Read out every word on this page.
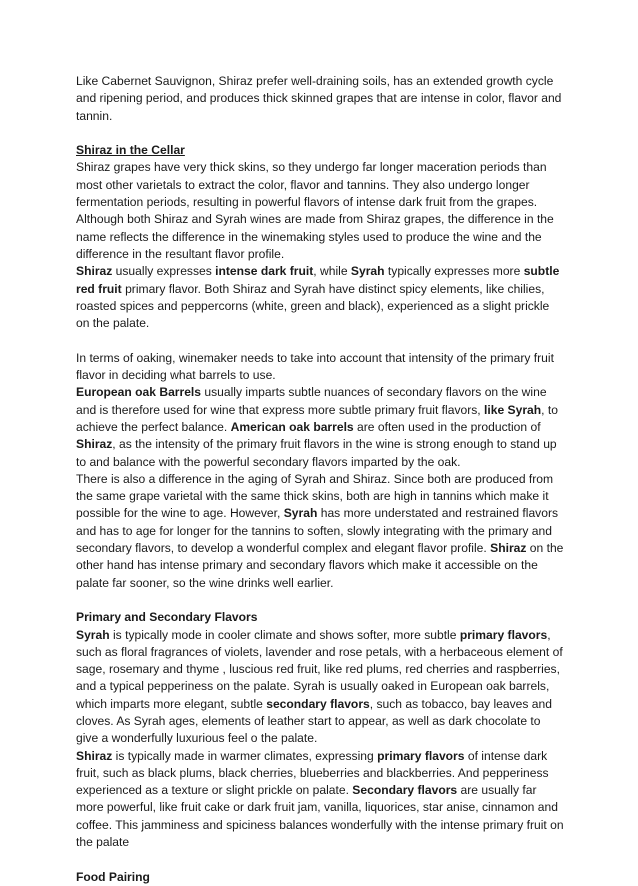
Like Cabernet Sauvignon, Shiraz prefer well-draining soils, has an extended growth cycle and ripening period, and produces thick skinned grapes that are intense in color, flavor and tannin.

Shiraz in the Cellar

Shiraz grapes have very thick skins, so they undergo far longer maceration periods than most other varietals to extract the color, flavor and tannins. They also undergo longer fermentation periods, resulting in powerful flavors of intense dark fruit from the grapes.

Although both Shiraz and Syrah wines are made from Shiraz grapes, the difference in the name reflects the difference in the winemaking styles used to produce the wine and the difference in the resultant flavor profile.

Shiraz usually expresses intense dark fruit, while Syrah typically expresses more subtle red fruit primary flavor. Both Shiraz and Syrah have distinct spicy elements, like chilies, roasted spices and peppercorns (white, green and black), experienced as a slight prickle on the palate.

In terms of oaking, winemaker needs to take into account that intensity of the primary fruit flavor in deciding what barrels to use.

European oak Barrels usually imparts subtle nuances of secondary flavors on the wine and is therefore used for wine that express more subtle primary fruit flavors, like Syrah, to achieve the perfect balance. American oak barrels are often used in the production of Shiraz, as the intensity of the primary fruit flavors in the wine is strong enough to stand up to and balance with the powerful secondary flavors imparted by the oak.

There is also a difference in the aging of Syrah and Shiraz. Since both are produced from the same grape varietal with the same thick skins, both are high in tannins which make it possible for the wine to age. However, Syrah has more understated and restrained flavors and has to age for longer for the tannins to soften, slowly integrating with the primary and secondary flavors, to develop a wonderful complex and elegant flavor profile. Shiraz on the other hand has intense primary and secondary flavors which make it accessible on the palate far sooner, so the wine drinks well earlier.

Primary and Secondary Flavors

Syrah is typically mode in cooler climate and shows softer, more subtle primary flavors, such as floral fragrances of violets, lavender and rose petals, with a herbaceous element of sage, rosemary and thyme , luscious red fruit, like red plums, red cherries and raspberries, and a typical pepperiness on the palate. Syrah is usually oaked in European oak barrels, which imparts more elegant, subtle secondary flavors, such as tobacco, bay leaves and cloves. As Syrah ages, elements of leather start to appear, as well as dark chocolate to give a wonderfully luxurious feel o the palate.

Shiraz is typically made in warmer climates, expressing primary flavors of intense dark fruit, such as black plums, black cherries, blueberries and blackberries. And pepperiness experienced as a texture or slight prickle on palate. Secondary flavors are usually far more powerful, like fruit cake or dark fruit jam, vanilla, liquorices, star anise, cinnamon and coffee. This jamminess and spiciness balances wonderfully with the intense primary fruit on the palate

Food Pairing
